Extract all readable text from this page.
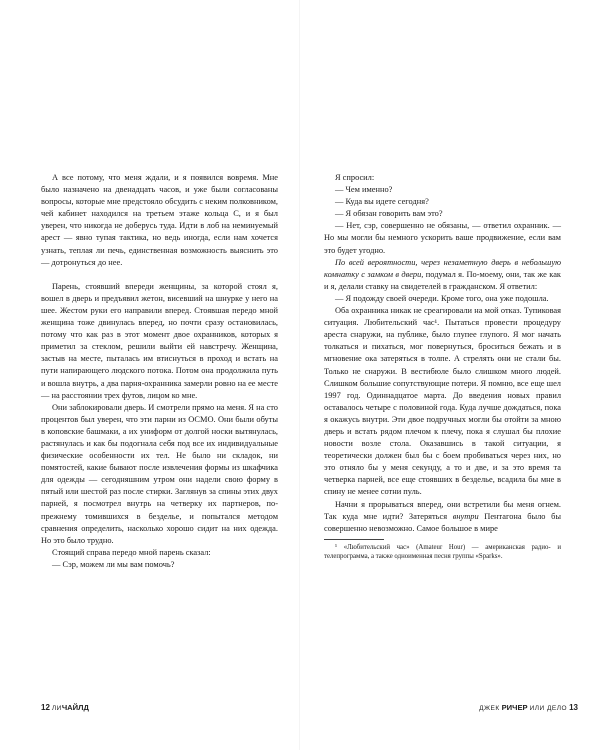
А все потому, что меня ждали, и я появился вовремя. Мне было назначено на двенадцать часов, и уже были согласованы вопросы, которые мне предстояло обсудить с неким полковником, чей кабинет находился на третьем этаже кольца С, и я был уверен, что никогда не доберусь туда. Идти в лоб на неминуемый арест — явно тупая тактика, но ведь иногда, если нам хочется узнать, теплая ли печь, единственная возможность выяснить это — дотронуться до нее.

Парень, стоявший впереди женщины, за которой стоял я, вошел в дверь и предъявил жетон, висевший на шнурке у него на шее. Жестом руки его направили вперед. Стоявшая передо мной женщина тоже двинулась вперед, но почти сразу остановилась, потому что как раз в этот момент двое охранников, которых я приметил за стеклом, решили выйти ей навстречу. Женщина, застыв на месте, пыталась им втиснуться в проход и встать на пути напирающего людского потока. Потом она продолжила путь и вошла внутрь, а два парня-охранника замерли ровно на ее месте — на расстоянии трех футов, лицом ко мне.

Они заблокировали дверь. И смотрели прямо на меня. Я на сто процентов был уверен, что эти парни из ОСМО. Они были обуты в коповские башмаки, а их униформ от долгой носки вытянулась, растянулась и как бы подогнала себя под все их индивидуальные физические особенности их тел. Не было ни складок, ни помятостей, какие бывают после извлечения формы из шкафчика для одежды — сегодняшним утром они надели свою форму в пятый или шестой раз после стирки. Заглянув за спины этих двух парней, я посмотрел внутрь на четверку их партнеров, по-прежнему томившихся в безделье, и попытался методом сравнения определить, насколько хорошо сидит на них одежда. Но это было трудно.

Стоящий справа передо мной парень сказал:

— Сэр, можем ли мы вам помочь?

12 ЛИЧАЙЛД

Я спросил:

— Чем именно?

— Куда вы идете сегодня?

— Я обязан говорить вам это?

— Нет, сэр, совершенно не обязаны, — ответил охранник. — Но мы могли бы немного ускорить ваше продвижение, если вам это будет угодно.

По всей вероятности, через незаметную дверь в небольшую комнатку с замком в двери, подумал я. По-моему, они, так же как и я, делали ставку на свидетелей в гражданском. Я ответил:

— Я подожду своей очереди. Кроме того, она уже подошла.

Оба охранника никак не среагировали на мой отказ. Тупиковая ситуация. Любительский час¹. Пытаться провести процедуру ареста снаружи, на публике, было глупее глупого. Я мог начать толкаться и пихаться, мог повернуться, броситься бежать и в мгновение ока затеряться в толпе. А стрелять они не стали бы. Только не снаружи. В вестибюле было слишком много людей. Слишком большие сопутствующие потери. Я помню, все еще шел 1997 год. Одиннадцатое марта. До введения новых правил оставалось четыре с половиной года. Куда лучше дождаться, пока я окажусь внутри. Эти двое подручных могли бы отойти за мною дверь и встать рядом плечом к плечу, пока я слушал бы плохие новости возле стола. Оказавшись в такой ситуации, я теоретически должен был бы с боем пробиваться через них, но это отняло бы у меня секунду, а то и две, и за это время та четверка парней, все еще стоявших в безделье, всадила бы мне в спину не менее сотни пуль.

Начни я прорываться вперед, они встретили бы меня огнем. Так куда мне идти? Затеряться внутри Пентагона было бы совершенно невозможно. Самое большое в мире

¹ «Любительский час» (Amateur Hour) — американская радио- и телепрограмма, а также одноименная песня группы «Sparks».

ДЖЕК РИЧЕР ИЛИ ДЕЛО 13
